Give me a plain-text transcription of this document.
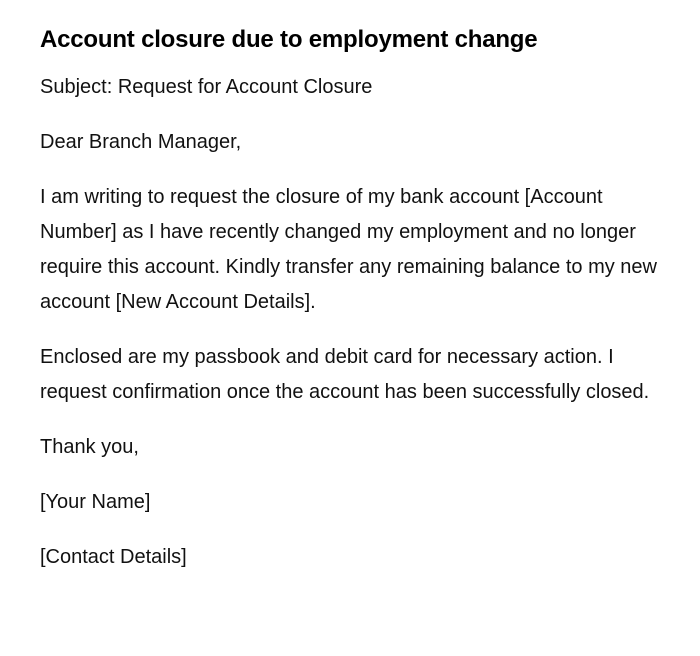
Account closure due to employment change

Subject: Request for Account Closure

Dear Branch Manager,

I am writing to request the closure of my bank account [Account Number] as I have recently changed my employment and no longer require this account. Kindly transfer any remaining balance to my new account [New Account Details].

Enclosed are my passbook and debit card for necessary action. I request confirmation once the account has been successfully closed.

Thank you,

[Your Name]

[Contact Details]
